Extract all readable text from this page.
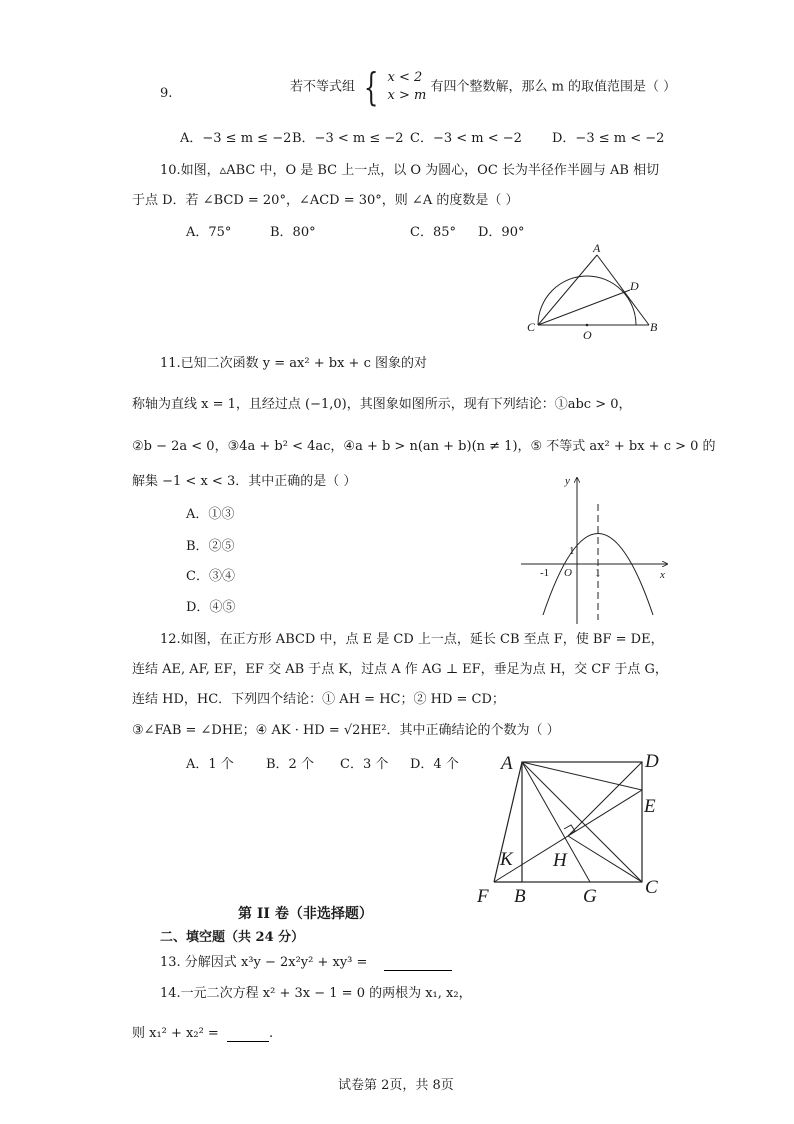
9.	若不等式组 { x < 2
x > m 有四个整数解，那么 m 的取值范围是（ ）
A．−3 ≤ m ≤ −2 B．−3 < m ≤ −2 C．−3 < m < −2 D．−3 ≤ m < −2
10.如图，▵ABC 中，O 是 BC 上一点，以 O 为圆心，OC 长为半径作半圆与 AB 相切
于点 D．若 ∠BCD = 20°，∠ACD = 30°，则 ∠A 的度数是（ ）
A．75°	B．80°	C．85° D．90°
A
D
C	B
O
11.已知二次函数 y = ax² + bx + c 图象的对
称轴为直线 x = 1，且经过点 (−1,0)，其图象如图所示，现有下列结论：①abc > 0，
②b − 2a < 0，③4a + b² < 4ac，④a + b > n(an + b)(n ≠ 1)，⑤ 不等式 ax² + bx + c > 0 的
解集 −1 < x < 3．其中正确的是（ ）
A．①③
B．②⑤
C．③④
D．④⑤
y
x
1
-1 O 1
12.如图，在正方形 ABCD 中，点 E 是 CD 上一点，延长 CB 至点 F，使 BF = DE，
连结 AE, AF, EF，EF 交 AB 于点 K，过点 A 作 AG ⊥ EF，垂足为点 H，交 CF 于点 G，
连结 HD，HC．下列四个结论：① AH = HC；② HD = CD；
③∠FAB = ∠DHE；④ AK · HD = √2HE²．其中正确结论的个数为（ ）
A．1 个 B．2 个 C．3 个 D．4 个 A	D
E
K H
F B	G	C
第 II 卷（非选择题）
二、填空题（共 24 分）
13. 分解因式 x³y − 2x²y² + xy³ =
14.一元二次方程 x² + 3x − 1 = 0 的两根为 x₁, x₂，
则 x₁² + x₂² =	.
试卷第 2页，共 8页
